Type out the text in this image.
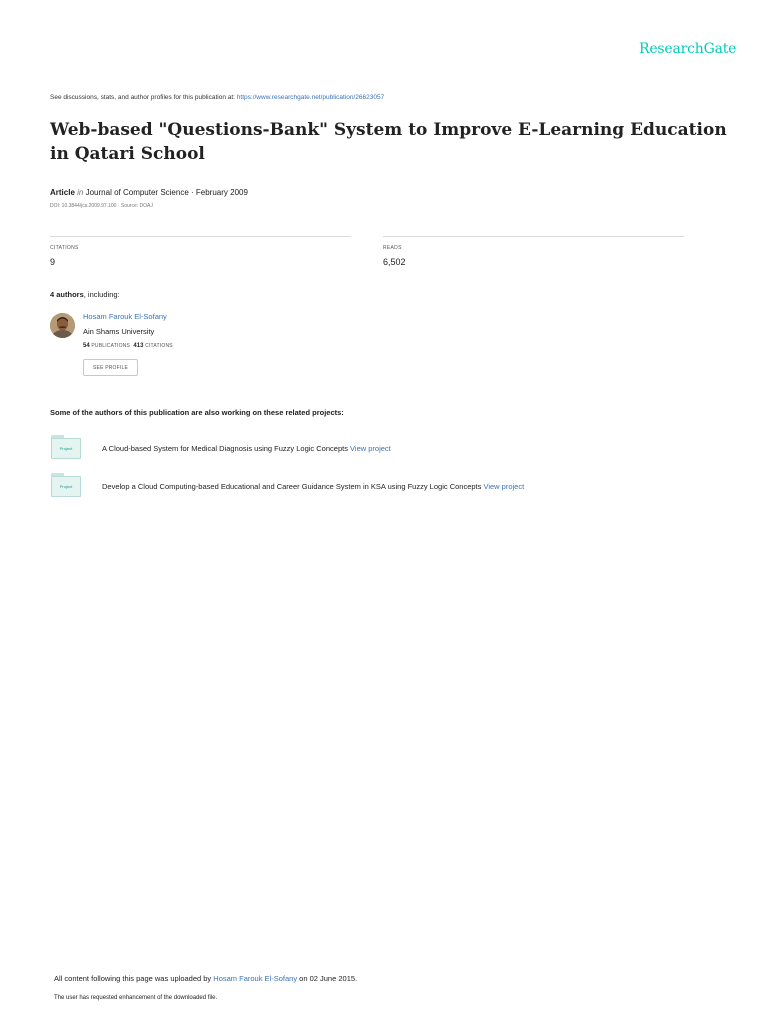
ResearchGate
See discussions, stats, and author profiles for this publication at: https://www.researchgate.net/publication/26623057
Web-based "Questions-Bank" System to Improve E-Learning Education in Qatari School
Article in Journal of Computer Science · February 2009
DOI: 10.3844/jcs.2009.97.100 · Source: DOAJ
CITATIONS
9
READS
6,502
4 authors, including:
Hosam Farouk El-Sofany
Ain Shams University
54 PUBLICATIONS 413 CITATIONS
SEE PROFILE
Some of the authors of this publication are also working on these related projects:
Project	A Cloud-based System for Medical Diagnosis using Fuzzy Logic Concepts View project
Project	Develop a Cloud Computing-based Educational and Career Guidance System in KSA using Fuzzy Logic Concepts View project
All content following this page was uploaded by Hosam Farouk El-Sofany on 02 June 2015.
The user has requested enhancement of the downloaded file.
